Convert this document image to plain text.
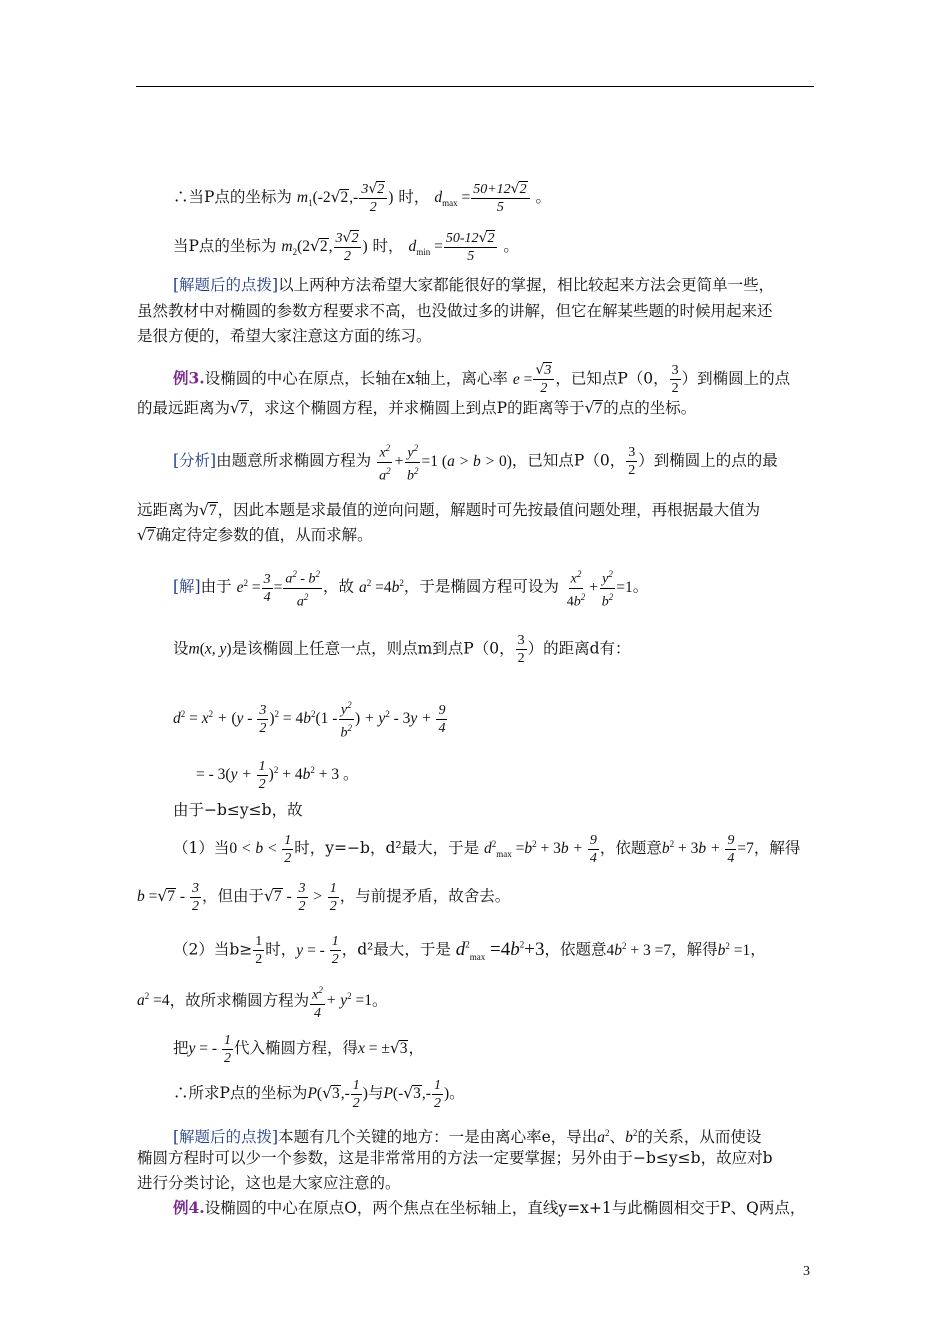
∴当P点的坐标为 $m_1(-2√2,- \frac{3√2}{2}$ ) 时， $d_{max} = \frac{50+12√2}{5}$ 。
当P点的坐标为 $m_2(2√2$, $\frac{3√2}{2}$ ) 时， $d_{min} = \frac{50-12√2}{5}$ 。
[解题后的点拨]以上两种方法希望大家都能很好的掌握，相比较起来方法会更简单一些，
虽然教材中对椭圆的参数方程要求不高，也没做过多的讲解，但它在解某些题的时候用起来还
是很方便的，希望大家注意这方面的练习。
例3.设椭圆的中心在原点，长轴在x轴上，离心率 $e = \frac{√3}{2}$ ，已知点P（0， $\frac{3}{2}$ ）到椭圆上的点
的最远距离为√7，求这个椭圆方程，并求椭圆上到点P的距离等于√7的点的坐标。
[分析]由题意所求椭圆方程为 $\frac{x^2}{a^2} + \frac{y^2}{b^2} =1$ (a > b > 0)，已知点P（0， $\frac{3}{2}$ ）到椭圆上的点的最
远距离为√7，因此本题是求最值的逆向问题，解题时可先按最值问题处理，再根据最大值为
√7确定待定参数的值，从而求解。
[解]由于 $e^2 = \frac{3}{4} = \frac{a^2 - b^2}{a^2}$ ，故 $a^2 =4b^2$，于是椭圆方程可设为 $\frac{x^2}{4b^2} + \frac{y^2}{b^2} =1$。
设m(x, y)是该椭圆上任意一点，则点m到点P（0， $\frac{3}{2}$ ）的距离d有：
$d^2 = x^2 + (y - \frac{3}{2} )^2 = 4b^2(1 - \frac{y^2}{b^2}$ ) + $y^2 - 3y + \frac{9}{4}$
= - $3(y + \frac{1}{2} )^2 + 4b^2 + 3$ 。
由于−b≤y≤b，故
（1）当$0 < b < \frac{1}{2}$ 时，y=−b，d²最大，于是 $d^2_{max} =b^2 + 3b + \frac{9}{4}$ ，依题意$b^2 + 3b + \frac{9}{4} =7$，解得
$b =√7 - \frac{3}{2}$ ，但由于$√7 - \frac{3}{2} > \frac{1}{2}$ ，与前提矛盾，故舍去。
（2）当$b\ge \frac{1}{2}$ 时，y = - $\frac{1}{2}$ ，d²最大，于是 $d^2_{max} =4b^2+3$，依题意$4b^2 + 3 =7$，解得$b^2 =1$，
$a^2 =4$，故所求椭圆方程为 $\frac{x^2}{4} + y^2 =1$。
把y = - $\frac{1}{2}$ 代入椭圆方程，得x = ±√3，
∴所求P点的坐标为$P(√3,- \frac{1}{2}$ )与$P(-√3,- \frac{1}{2}$ )。
[解题后的点拨]本题有几个关键的地方：一是由离心率e，导出$a^2$、$b^2$的关系，从而使设
椭圆方程时可以少一个参数，这是非常常用的方法一定要掌握；另外由于−b≤y≤b，故应对b
进行分类讨论，这也是大家应注意的。
例4.设椭圆的中心在原点O，两个焦点在坐标轴上，直线y=x+1与此椭圆相交于P、Q两点，
3
